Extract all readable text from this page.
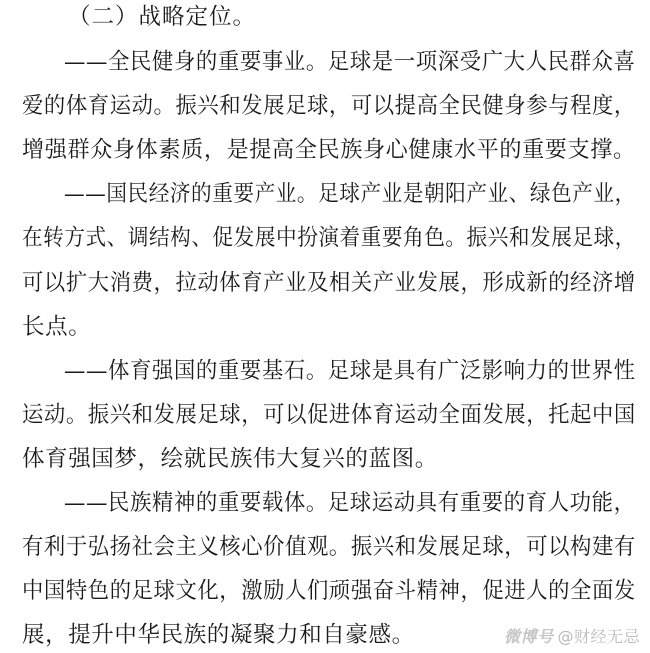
（二）战略定位。
——全民健身的重要事业。足球是一项深受广大人民群众喜
爱的体育运动。振兴和发展足球，可以提高全民健身参与程度，
增强群众身体素质，是提高全民族身心健康水平的重要支撑。
——国民经济的重要产业。足球产业是朝阳产业、绿色产业，
在转方式、调结构、促发展中扮演着重要角色。振兴和发展足球，
可以扩大消费，拉动体育产业及相关产业发展，形成新的经济增
长点。
——体育强国的重要基石。足球是具有广泛影响力的世界性
运动。振兴和发展足球，可以促进体育运动全面发展，托起中国
体育强国梦，绘就民族伟大复兴的蓝图。
——民族精神的重要载体。足球运动具有重要的育人功能，
有利于弘扬社会主义核心价值观。振兴和发展足球，可以构建有
中国特色的足球文化，激励人们顽强奋斗精神，促进人的全面发
展，提升中华民族的凝聚力和自豪感。	微博号 @财经无忌
